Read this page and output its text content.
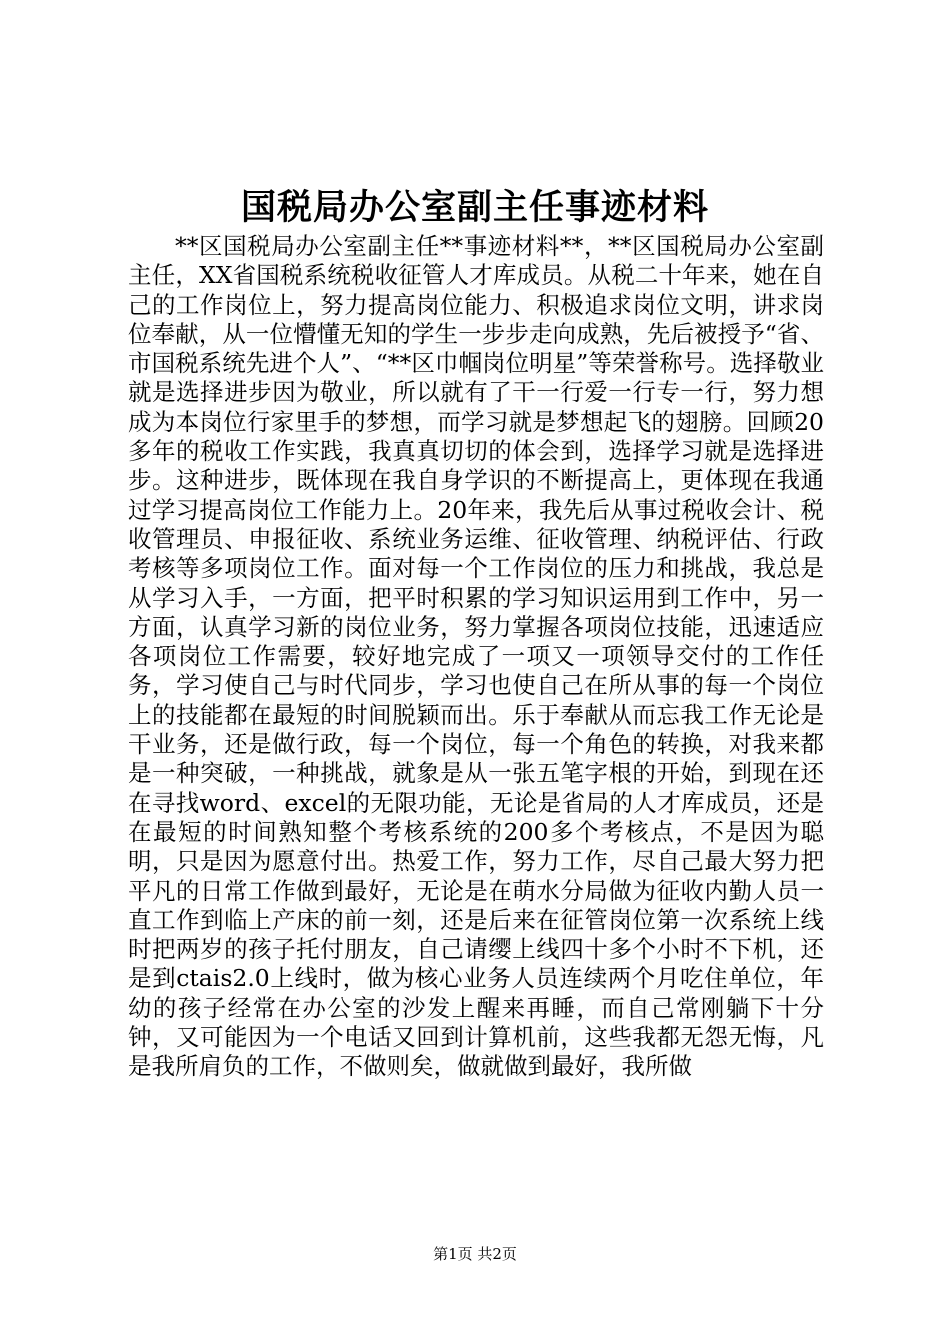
国税局办公室副主任事迹材料

**区国税局办公室副主任**事迹材料**，**区国税局办公室副主任，XX省国税系统税收征管人才库成员。从税二十年来，她在自己的工作岗位上，努力提高岗位能力、积极追求岗位文明，讲求岗位奉献，从一位懵懂无知的学生一步步走向成熟，先后被授予“省、市国税系统先进个人”、“**区巾帼岗位明星”等荣誉称号。选择敬业就是选择进步因为敬业，所以就有了干一行爱一行专一行，努力想成为本岗位行家里手的梦想，而学习就是梦想起飞的翅膀。回顾20多年的税收工作实践，我真真切切的体会到，选择学习就是选择进步。这种进步，既体现在我自身学识的不断提高上，更体现在我通过学习提高岗位工作能力上。20年来，我先后从事过税收会计、税收管理员、申报征收、系统业务运维、征收管理、纳税评估、行政考核等多项岗位工作。面对每一个工作岗位的压力和挑战，我总是从学习入手，一方面，把平时积累的学习知识运用到工作中，另一方面，认真学习新的岗位业务，努力掌握各项岗位技能，迅速适应各项岗位工作需要，较好地完成了一项又一项领导交付的工作任务，学习使自己与时代同步，学习也使自己在所从事的每一个岗位上的技能都在最短的时间脱颖而出。乐于奉献从而忘我工作无论是干业务，还是做行政，每一个岗位，每一个角色的转换，对我来都是一种突破，一种挑战，就象是从一张五笔字根的开始，到现在还在寻找word、excel的无限功能，无论是省局的人才库成员，还是在最短的时间熟知整个考核系统的200多个考核点，不是因为聪明，只是因为愿意付出。热爱工作，努力工作，尽自己最大努力把平凡的日常工作做到最好，无论是在萌水分局做为征收内勤人员一直工作到临上产床的前一刻，还是后来在征管岗位第一次系统上线时把两岁的孩子托付朋友，自己请缨上线四十多个小时不下机，还是到ctais2.0上线时，做为核心业务人员连续两个月吃住单位，年幼的孩子经常在办公室的沙发上醒来再睡，而自己常刚躺下十分钟，又可能因为一个电话又回到计算机前，这些我都无怨无悔，凡是我所肩负的工作，不做则矣，做就做到最好，我所做

第1页 共2页
